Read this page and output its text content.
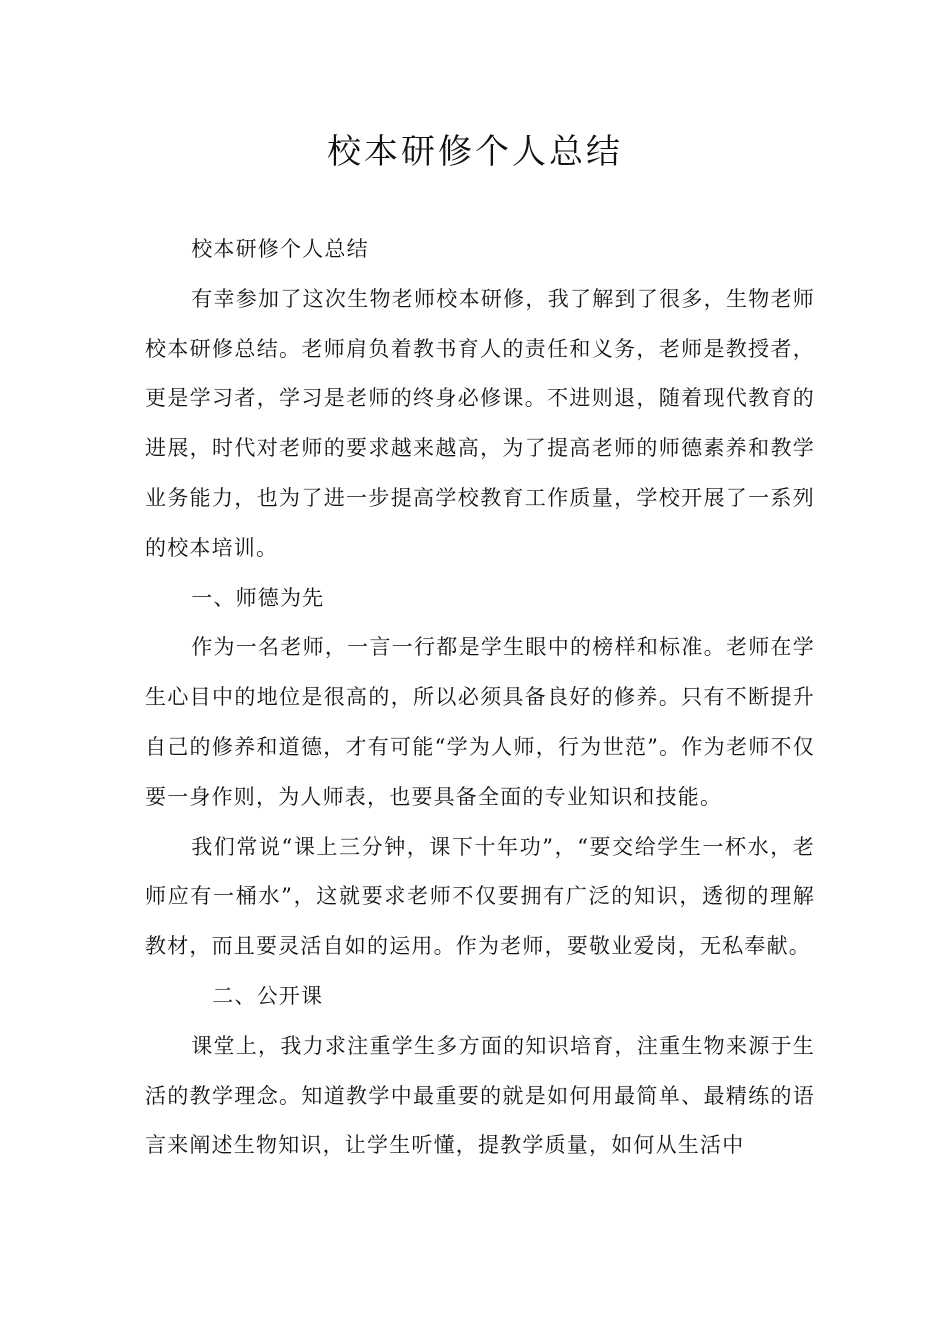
校本研修个人总结

校本研修个人总结

有幸参加了这次生物老师校本研修，我了解到了很多，生物老师校本研修总结。老师肩负着教书育人的责任和义务，老师是教授者，更是学习者，学习是老师的终身必修课。不进则退，随着现代教育的进展，时代对老师的要求越来越高，为了提高老师的师德素养和教学业务能力，也为了进一步提高学校教育工作质量，学校开展了一系列的校本培训。

一、师德为先

作为一名老师，一言一行都是学生眼中的榜样和标准。老师在学生心目中的地位是很高的，所以必须具备良好的修养。只有不断提升自己的修养和道德，才有可能“学为人师，行为世范”。作为老师不仅要一身作则，为人师表，也要具备全面的专业知识和技能。

我们常说“课上三分钟，课下十年功”，“要交给学生一杯水，老师应有一桶水”，这就要求老师不仅要拥有广泛的知识，透彻的理解教材，而且要灵活自如的运用。作为老师，要敬业爱岗，无私奉献。

二、公开课

课堂上，我力求注重学生多方面的知识培育，注重生物来源于生活的教学理念。知道教学中最重要的就是如何用最简单、最精练的语言来阐述生物知识，让学生听懂，提教学质量，如何从生活中
